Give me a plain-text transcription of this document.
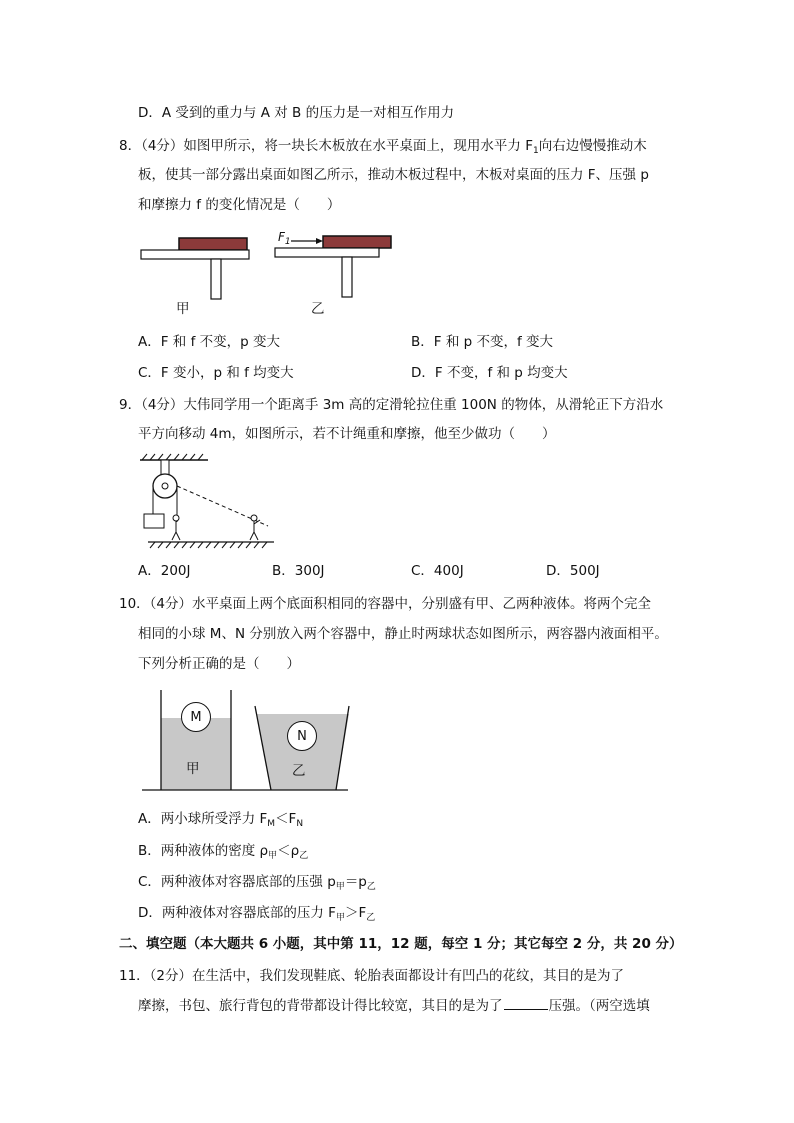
D．A 受到的重力与 A 对 B 的压力是一对相互作用力
8．（4分）如图甲所示，将一块长木板放在水平桌面上，现用水平力 $F_1$向右边慢慢推动木
板，使其一部分露出桌面如图乙所示，推动木板过程中，木板对桌面的压力 F、压强 p
和摩擦力 f 的变化情况是（　　）
$F_1$
甲	乙
A．F 和 f 不变，p 变大	B．F 和 p 不变，f 变大
C．F 变小，p 和 f 均变大	D．F 不变，f 和 p 均变大
9．（4分）大伟同学用一个距离手 3m 高的定滑轮拉住重 100N 的物体，从滑轮正下方沿水
平方向移动 4m，如图所示，若不计绳重和摩擦，他至少做功（　　）
A．200J	B．300J	C．400J	D．500J
10．（4分）水平桌面上两个底面积相同的容器中，分别盛有甲、乙两种液体。将两个完全
相同的小球 M、N 分别放入两个容器中，静止时两球状态如图所示，两容器内液面相平。
下列分析正确的是（　　）
M
N
甲	乙
A．两小球所受浮力 $F_M<F_N$
B．两种液体的密度 $\rho_甲<\rho_乙$
C．两种液体对容器底部的压强 $p_甲=p_乙$
D．两种液体对容器底部的压力 $F_甲>F_乙$
二、填空题（本大题共 6 小题，其中第 11，12 题，每空 1 分；其它每空 2 分，共 20 分）
11．（2分）在生活中，我们发现鞋底、轮胎表面都设计有凹凸的花纹，其目的是为了
摩擦，书包、旅行背包的背带都设计得比较宽，其目的是为了	压强。（两空选填
